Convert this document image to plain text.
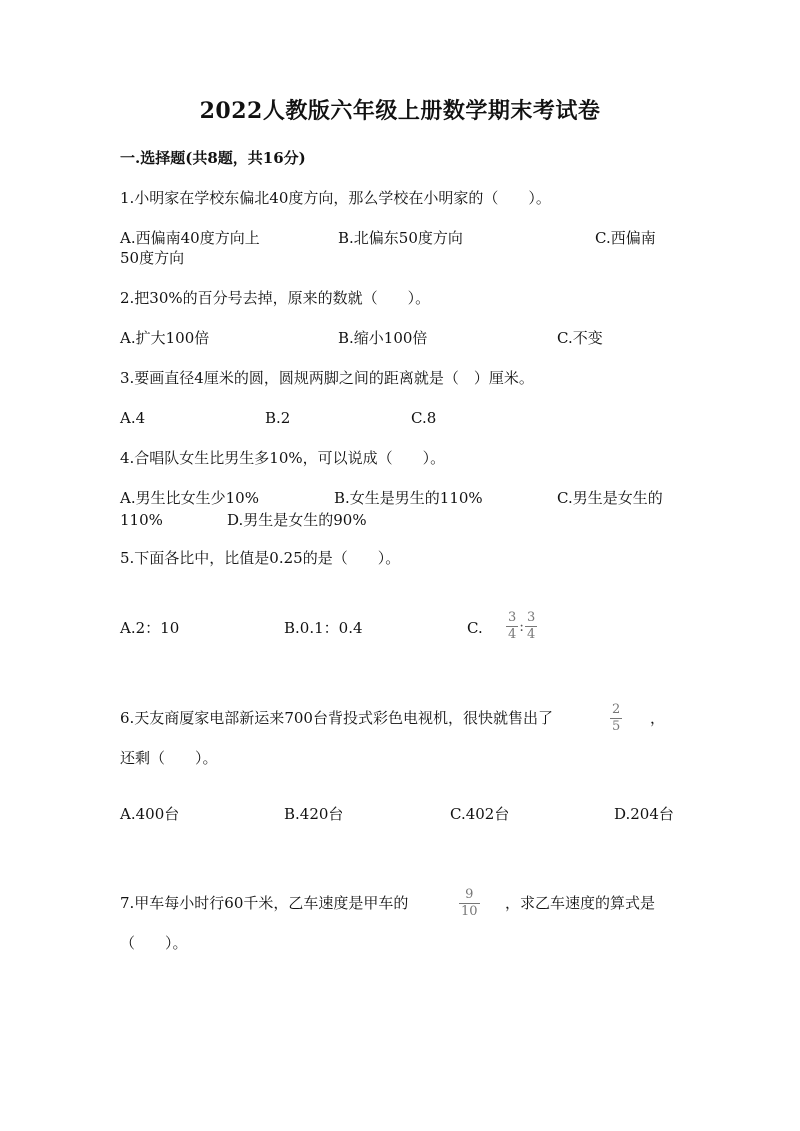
2022人教版六年级上册数学期末考试卷
一.选择题(共8题，共16分)
1.小明家在学校东偏北40度方向，那么学校在小明家的（　　）。
A.西偏南40度方向上	B.北偏东50度方向	C.西偏南
50度方向
2.把30%的百分号去掉，原来的数就（　　）。
A.扩大100倍	B.缩小100倍	C.不变
3.要画直径4厘米的圆，圆规两脚之间的距离就是（　）厘米。
A.4	B.2	C.8
4.合唱队女生比男生多10%，可以说成（　　）。
A.男生比女生少10%	B.女生是男生的110%	C.男生是女生的
110%	D.男生是女生的90%
5.下面各比中，比值是0.25的是（　　）。
A.2：10	B.0.1：0.4	C. $\frac{3}{4}$ : $\frac{3}{4}$
6.天友商厦家电部新运来700台背投式彩色电视机，很快就售出了	2
5 ，
还剩（　　）。
A.400台	B.420台	C.402台	D.204台
7.甲车每小时行60千米，乙车速度是甲车的	9
10 ，求乙车速度的算式是
（　　）。
